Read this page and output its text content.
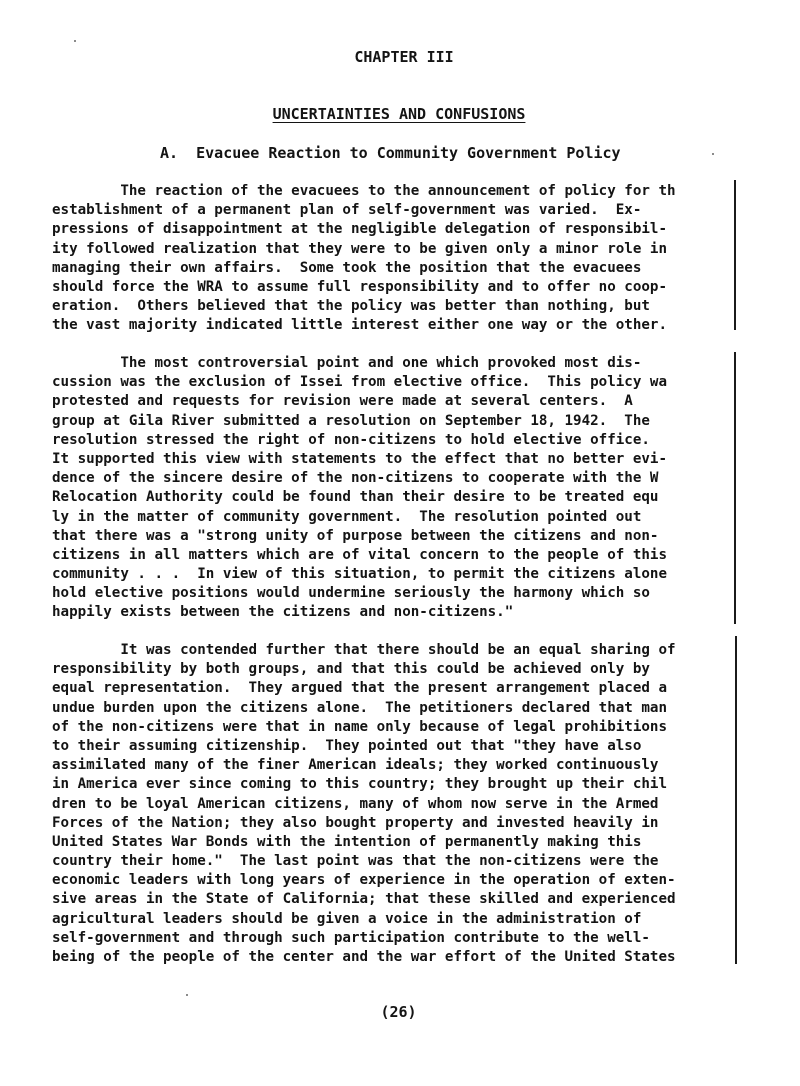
CHAPTER III
UNCERTAINTIES AND CONFUSIONS
A.  Evacuee Reaction to Community Government Policy
The reaction of the evacuees to the announcement of policy for th
establishment of a permanent plan of self-government was varied.  Ex-
pressions of disappointment at the negligible delegation of responsibil-
ity followed realization that they were to be given only a minor role in
managing their own affairs.  Some took the position that the evacuees
should force the WRA to assume full responsibility and to offer no coop-
eration.  Others believed that the policy was better than nothing, but
the vast majority indicated little interest either one way or the other.
The most controversial point and one which provoked most dis-
cussion was the exclusion of Issei from elective office.  This policy wa
protested and requests for revision were made at several centers.  A
group at Gila River submitted a resolution on September 18, 1942.  The
resolution stressed the right of non-citizens to hold elective office.
It supported this view with statements to the effect that no better evi-
dence of the sincere desire of the non-citizens to cooperate with the W
Relocation Authority could be found than their desire to be treated equ
ly in the matter of community government.  The resolution pointed out
that there was a "strong unity of purpose between the citizens and non-
citizens in all matters which are of vital concern to the people of this
community . . .  In view of this situation, to permit the citizens alone
hold elective positions would undermine seriously the harmony which so
happily exists between the citizens and non-citizens."
It was contended further that there should be an equal sharing of
responsibility by both groups, and that this could be achieved only by
equal representation.  They argued that the present arrangement placed a
undue burden upon the citizens alone.  The petitioners declared that man
of the non-citizens were that in name only because of legal prohibitions
to their assuming citizenship.  They pointed out that "they have also
assimilated many of the finer American ideals; they worked continuously
in America ever since coming to this country; they brought up their chil
dren to be loyal American citizens, many of whom now serve in the Armed
Forces of the Nation; they also bought property and invested heavily in
United States War Bonds with the intention of permanently making this
country their home."  The last point was that the non-citizens were the
economic leaders with long years of experience in the operation of exten-
sive areas in the State of California; that these skilled and experienced
agricultural leaders should be given a voice in the administration of
self-government and through such participation contribute to the well-
being of the people of the center and the war effort of the United States
(26)
